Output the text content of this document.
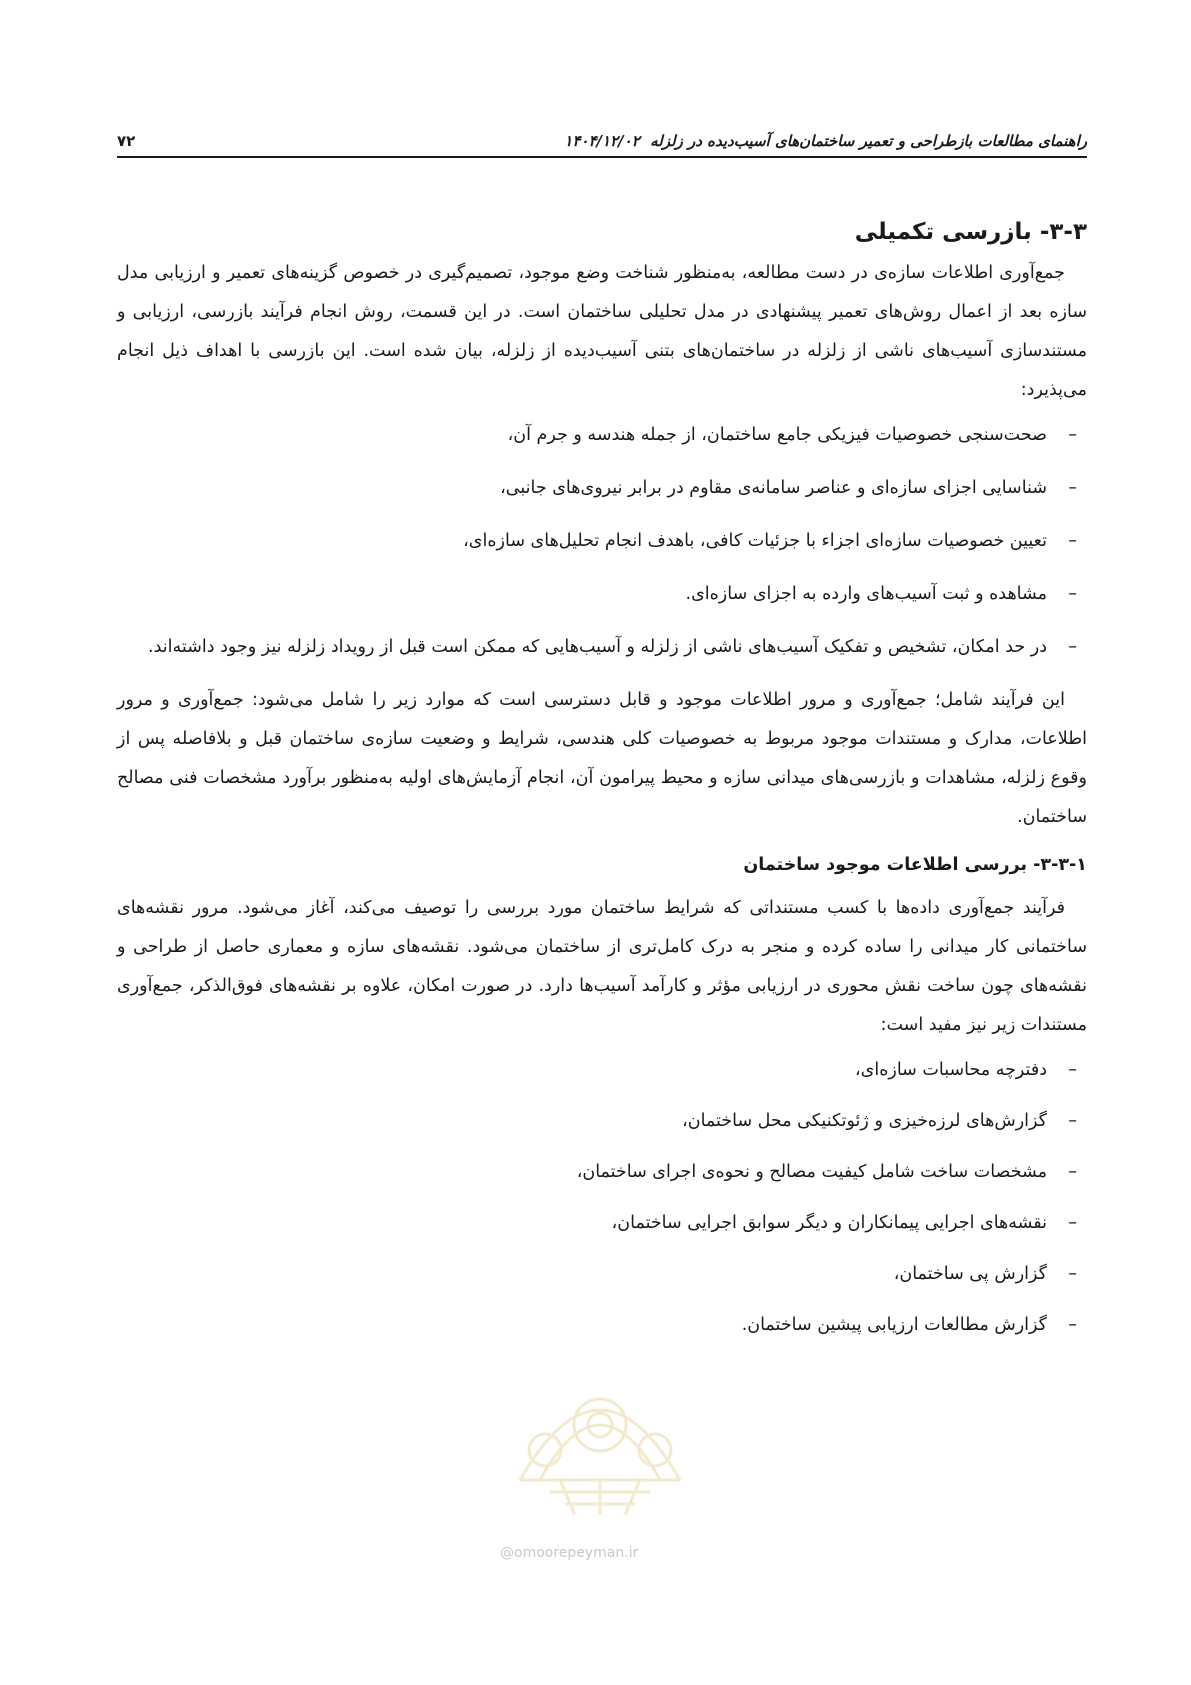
۷۲	۱۴۰۴/۱۲/۰۲ راهنمای مطالعات بازطراحی و تعمیر ساختمان‌های آسیب‌دیده در زلزله
۳-۳- بازرسی تکمیلی

جمع‌آوری اطلاعات سازه‌ی در دست مطالعه، به‌منظور شناخت وضع موجود، تصمیم‌گیری در خصوص گزینه‌های تعمیر و ارزیابی مدل سازه بعد از اعمال روش‌های تعمیر پیشنهادی در مدل تحلیلی ساختمان است. در این قسمت، روش انجام فرآیند بازرسی، ارزیابی و مستندسازی آسیب‌های ناشی از زلزله در ساختمان‌های بتنی آسیب‌دیده از زلزله، بیان شده است. این بازرسی با اهداف ذیل انجام می‌پذیرد:

–
صحت‌سنجی خصوصیات فیزیکی جامع ساختمان، از جمله هندسه و جرم آن،
–
شناسایی اجزای سازه‌ای و عناصر سامانه‌ی مقاوم در برابر نیروی‌های جانبی،
–
تعیین خصوصیات سازه‌ای اجزاء با جزئیات کافی، باهدف انجام تحلیل‌های سازه‌ای،
–
مشاهده و ثبت آسیب‌های وارده به اجزای سازه‌ای.
–
در حد امکان، تشخیص و تفکیک آسیب‌های ناشی از زلزله و آسیب‌هایی که ممکن است قبل از رویداد زلزله نیز وجود داشته‌اند.

این فرآیند شامل؛ جمع‌آوری و مرور اطلاعات موجود و قابل دسترسی است که موارد زیر را شامل می‌شود: جمع‌آوری و مرور اطلاعات، مدارک و مستندات موجود مربوط به خصوصیات کلی هندسی، شرایط و وضعیت سازه‌ی ساختمان قبل و بلافاصله پس از وقوع زلزله، مشاهدات و بازرسی‌های میدانی سازه و محیط پیرامون آن، انجام آزمایش‌های اولیه به‌منظور برآورد مشخصات فنی مصالح ساختمان.

۳-۳-۱- بررسی اطلاعات موجود ساختمان

فرآیند جمع‌آوری داده‌ها با کسب مستنداتی که شرایط ساختمان مورد بررسی را توصیف می‌کند، آغاز می‌شود. مرور نقشه‌های ساختمانی کار میدانی را ساده کرده و منجر به درک کامل‌تری از ساختمان می‌شود. نقشه‌های سازه و معماری حاصل از طراحی و نقشه‌های چون ساخت نقش محوری در ارزیابی مؤثر و کارآمد آسیب‌ها دارد. در صورت امکان، علاوه بر نقشه‌های فوق‌الذکر، جمع‌آوری مستندات زیر نیز مفید است:

–
دفترچه محاسبات سازه‌ای،
–
گزارش‌های لرزه‌خیزی و ژئوتکنیکی محل ساختمان،
–
مشخصات ساخت شامل کیفیت مصالح و نحوه‌ی اجرای ساختمان،
–
نقشه‌های اجرایی پیمانکاران و دیگر سوابق اجرایی ساختمان،
–
گزارش پی ساختمان،
–
گزارش مطالعات ارزیابی پیشین ساختمان.
@omoorepeyman.ir
